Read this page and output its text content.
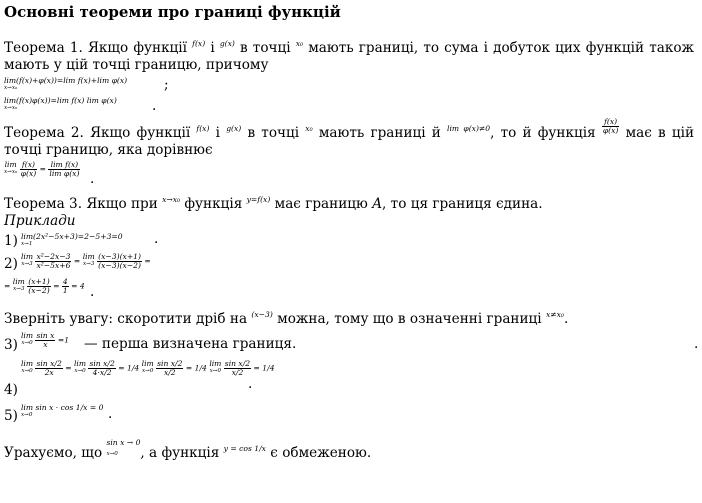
Основні теореми про границі функцій

Теорема 1. Якщо функції $^{f(x)}$ і $^{g(x)}$ в точці $^{x_0}$ мають границі, то сума і добуток цих функцій також мають у цій точці границю, причому

lim(f(x)+φ(x))=lim f(x)+lim φ(x)
x→x₀	;
lim(f(x)φ(x))=lim f(x) lim φ(x)
x→x₀	.

Теорема 2. Якщо функції $^{f(x)}$ і $^{g(x)}$ в точці $^{x_0}$ мають границі й $^{lim \varphi(x)\ne 0}$, то й функція $\frac{f(x)}{\varphi(x)}$ має в цій точці границю, яка дорівнює

lim
x→x₀
$\frac{f(x)}{\varphi(x)} = \frac{\text{lim f(x)}}{\text{lim φ(x)}}$
.

Теорема 3. Якщо при $^{x\to x_0}$ функція $^{y=f(x)}$ має границю A, то ця границя єдина.

Приклади

1) lim(2x²−5x+3)=2−5+3=0
x→1	.
2) lim
x→3
$\frac{\text{x²−2x−3}}{\text{x²−5x+6}} = \lim$
x→3
$\frac{(x-3)(x+1)}{(x-3)(x-2)}$ =
= lim
x→3
$\frac{(x+1)}{(x-2)} = \frac{4}{1} = 4$ .

Зверніть увагу: скоротити дріб на $^{(x-3)}$ можна, тому що в означенні границі $^{x\ne x_0}$.

3)
lim
x→0
$\frac{\text{sin x}}{x} =1$ — перша визначена границя.	.
4)
lim
x→0
$\frac{\text{sin x/2}}{2x} = \lim$
x→0
$\frac{\text{sin x/2}}{4\cdot x/2} = 1/4$ lim
x→0
$\frac{\text{sin x/2}}{x/2} = 1/4$ lim
x→0
$\frac{\text{sin x/2}}{x/2} = 1/4$
.
5)
lim sin x · cos 1/x = 0
x→0	.

Урахуємо, що sin x → 0
x→0	, а функція $^{y = cos 1/x}$ є обмеженою.
